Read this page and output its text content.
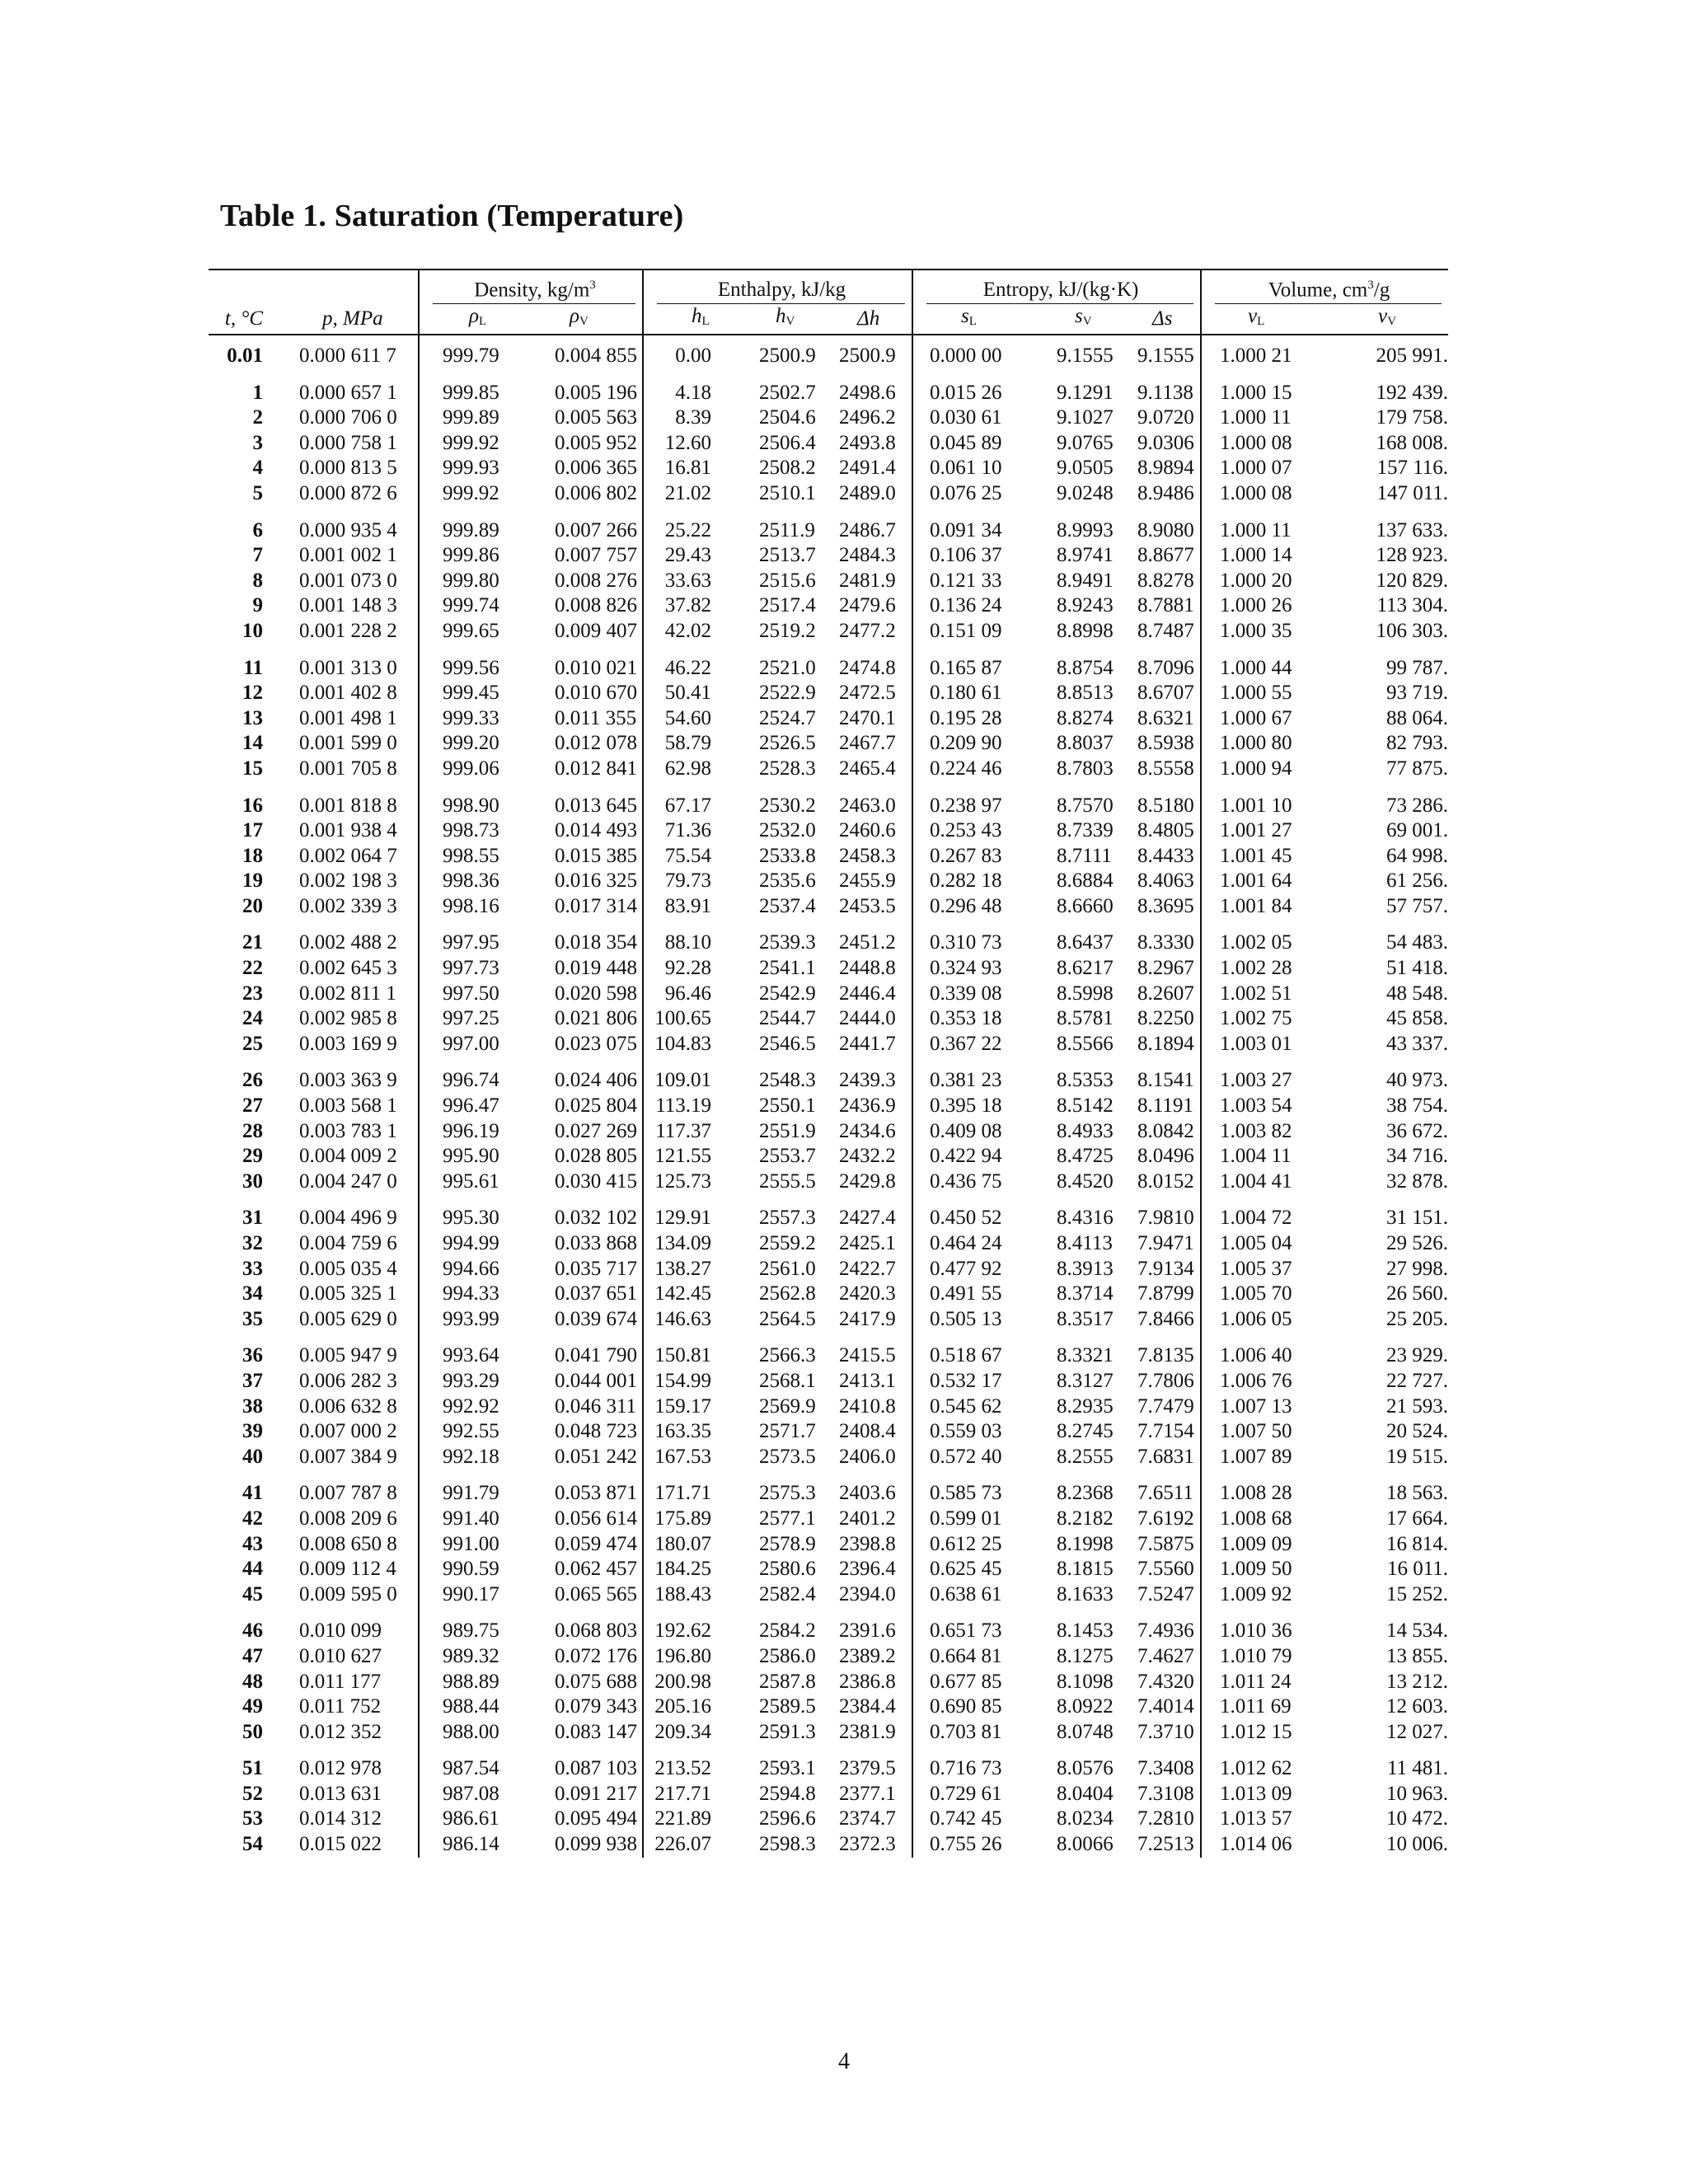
Table 1. Saturation (Temperature)
		Density, $kg/m^3$		Enthalpy, kJ/kg			Entropy, kJ/(kg·K)			Volume, $cm^3/g$	

t, °C	p, MPa	$\rho_L$	$\rho_V$	$h_L$	$h_V$	Δh	$s_L$	$s_V$	Δs	$v_L$	$v_V$
0.01	0.000 611 7	999.79	0.004 855	0.00	2500.9	2500.9	0.000 00	9.1555	9.1555	1.000 21	205 991.

1	0.000 657 1	999.85	0.005 196	4.18	2502.7	2498.6	0.015 26	9.1291	9.1138	1.000 15	192 439.
2	0.000 706 0	999.89	0.005 563	8.39	2504.6	2496.2	0.030 61	9.1027	9.0720	1.000 11	179 758.
3	0.000 758 1	999.92	0.005 952	12.60	2506.4	2493.8	0.045 89	9.0765	9.0306	1.000 08	168 008.
4	0.000 813 5	999.93	0.006 365	16.81	2508.2	2491.4	0.061 10	9.0505	8.9894	1.000 07	157 116.
5	0.000 872 6	999.92	0.006 802	21.02	2510.1	2489.0	0.076 25	9.0248	8.9486	1.000 08	147 011.

6	0.000 935 4	999.89	0.007 266	25.22	2511.9	2486.7	0.091 34	8.9993	8.9080	1.000 11	137 633.
7	0.001 002 1	999.86	0.007 757	29.43	2513.7	2484.3	0.106 37	8.9741	8.8677	1.000 14	128 923.
8	0.001 073 0	999.80	0.008 276	33.63	2515.6	2481.9	0.121 33	8.9491	8.8278	1.000 20	120 829.
9	0.001 148 3	999.74	0.008 826	37.82	2517.4	2479.6	0.136 24	8.9243	8.7881	1.000 26	113 304.
10	0.001 228 2	999.65	0.009 407	42.02	2519.2	2477.2	0.151 09	8.8998	8.7487	1.000 35	106 303.

11	0.001 313 0	999.56	0.010 021	46.22	2521.0	2474.8	0.165 87	8.8754	8.7096	1.000 44	99 787.
12	0.001 402 8	999.45	0.010 670	50.41	2522.9	2472.5	0.180 61	8.8513	8.6707	1.000 55	93 719.
13	0.001 498 1	999.33	0.011 355	54.60	2524.7	2470.1	0.195 28	8.8274	8.6321	1.000 67	88 064.
14	0.001 599 0	999.20	0.012 078	58.79	2526.5	2467.7	0.209 90	8.8037	8.5938	1.000 80	82 793.
15	0.001 705 8	999.06	0.012 841	62.98	2528.3	2465.4	0.224 46	8.7803	8.5558	1.000 94	77 875.

16	0.001 818 8	998.90	0.013 645	67.17	2530.2	2463.0	0.238 97	8.7570	8.5180	1.001 10	73 286.
17	0.001 938 4	998.73	0.014 493	71.36	2532.0	2460.6	0.253 43	8.7339	8.4805	1.001 27	69 001.
18	0.002 064 7	998.55	0.015 385	75.54	2533.8	2458.3	0.267 83	8.7111	8.4433	1.001 45	64 998.
19	0.002 198 3	998.36	0.016 325	79.73	2535.6	2455.9	0.282 18	8.6884	8.4063	1.001 64	61 256.
20	0.002 339 3	998.16	0.017 314	83.91	2537.4	2453.5	0.296 48	8.6660	8.3695	1.001 84	57 757.

21	0.002 488 2	997.95	0.018 354	88.10	2539.3	2451.2	0.310 73	8.6437	8.3330	1.002 05	54 483.
22	0.002 645 3	997.73	0.019 448	92.28	2541.1	2448.8	0.324 93	8.6217	8.2967	1.002 28	51 418.
23	0.002 811 1	997.50	0.020 598	96.46	2542.9	2446.4	0.339 08	8.5998	8.2607	1.002 51	48 548.
24	0.002 985 8	997.25	0.021 806	100.65	2544.7	2444.0	0.353 18	8.5781	8.2250	1.002 75	45 858.
25	0.003 169 9	997.00	0.023 075	104.83	2546.5	2441.7	0.367 22	8.5566	8.1894	1.003 01	43 337.

26	0.003 363 9	996.74	0.024 406	109.01	2548.3	2439.3	0.381 23	8.5353	8.1541	1.003 27	40 973.
27	0.003 568 1	996.47	0.025 804	113.19	2550.1	2436.9	0.395 18	8.5142	8.1191	1.003 54	38 754.
28	0.003 783 1	996.19	0.027 269	117.37	2551.9	2434.6	0.409 08	8.4933	8.0842	1.003 82	36 672.
29	0.004 009 2	995.90	0.028 805	121.55	2553.7	2432.2	0.422 94	8.4725	8.0496	1.004 11	34 716.
30	0.004 247 0	995.61	0.030 415	125.73	2555.5	2429.8	0.436 75	8.4520	8.0152	1.004 41	32 878.

31	0.004 496 9	995.30	0.032 102	129.91	2557.3	2427.4	0.450 52	8.4316	7.9810	1.004 72	31 151.
32	0.004 759 6	994.99	0.033 868	134.09	2559.2	2425.1	0.464 24	8.4113	7.9471	1.005 04	29 526.
33	0.005 035 4	994.66	0.035 717	138.27	2561.0	2422.7	0.477 92	8.3913	7.9134	1.005 37	27 998.
34	0.005 325 1	994.33	0.037 651	142.45	2562.8	2420.3	0.491 55	8.3714	7.8799	1.005 70	26 560.
35	0.005 629 0	993.99	0.039 674	146.63	2564.5	2417.9	0.505 13	8.3517	7.8466	1.006 05	25 205.

36	0.005 947 9	993.64	0.041 790	150.81	2566.3	2415.5	0.518 67	8.3321	7.8135	1.006 40	23 929.
37	0.006 282 3	993.29	0.044 001	154.99	2568.1	2413.1	0.532 17	8.3127	7.7806	1.006 76	22 727.
38	0.006 632 8	992.92	0.046 311	159.17	2569.9	2410.8	0.545 62	8.2935	7.7479	1.007 13	21 593.
39	0.007 000 2	992.55	0.048 723	163.35	2571.7	2408.4	0.559 03	8.2745	7.7154	1.007 50	20 524.
40	0.007 384 9	992.18	0.051 242	167.53	2573.5	2406.0	0.572 40	8.2555	7.6831	1.007 89	19 515.

41	0.007 787 8	991.79	0.053 871	171.71	2575.3	2403.6	0.585 73	8.2368	7.6511	1.008 28	18 563.
42	0.008 209 6	991.40	0.056 614	175.89	2577.1	2401.2	0.599 01	8.2182	7.6192	1.008 68	17 664.
43	0.008 650 8	991.00	0.059 474	180.07	2578.9	2398.8	0.612 25	8.1998	7.5875	1.009 09	16 814.
44	0.009 112 4	990.59	0.062 457	184.25	2580.6	2396.4	0.625 45	8.1815	7.5560	1.009 50	16 011.
45	0.009 595 0	990.17	0.065 565	188.43	2582.4	2394.0	0.638 61	8.1633	7.5247	1.009 92	15 252.

46	0.010 099	989.75	0.068 803	192.62	2584.2	2391.6	0.651 73	8.1453	7.4936	1.010 36	14 534.
47	0.010 627	989.32	0.072 176	196.80	2586.0	2389.2	0.664 81	8.1275	7.4627	1.010 79	13 855.
48	0.011 177	988.89	0.075 688	200.98	2587.8	2386.8	0.677 85	8.1098	7.4320	1.011 24	13 212.
49	0.011 752	988.44	0.079 343	205.16	2589.5	2384.4	0.690 85	8.0922	7.4014	1.011 69	12 603.
50	0.012 352	988.00	0.083 147	209.34	2591.3	2381.9	0.703 81	8.0748	7.3710	1.012 15	12 027.

51	0.012 978	987.54	0.087 103	213.52	2593.1	2379.5	0.716 73	8.0576	7.3408	1.012 62	11 481.
52	0.013 631	987.08	0.091 217	217.71	2594.8	2377.1	0.729 61	8.0404	7.3108	1.013 09	10 963.
53	0.014 312	986.61	0.095 494	221.89	2596.6	2374.7	0.742 45	8.0234	7.2810	1.013 57	10 472.
54	0.015 022	986.14	0.099 938	226.07	2598.3	2372.3	0.755 26	8.0066	7.2513	1.014 06	10 006.
4
